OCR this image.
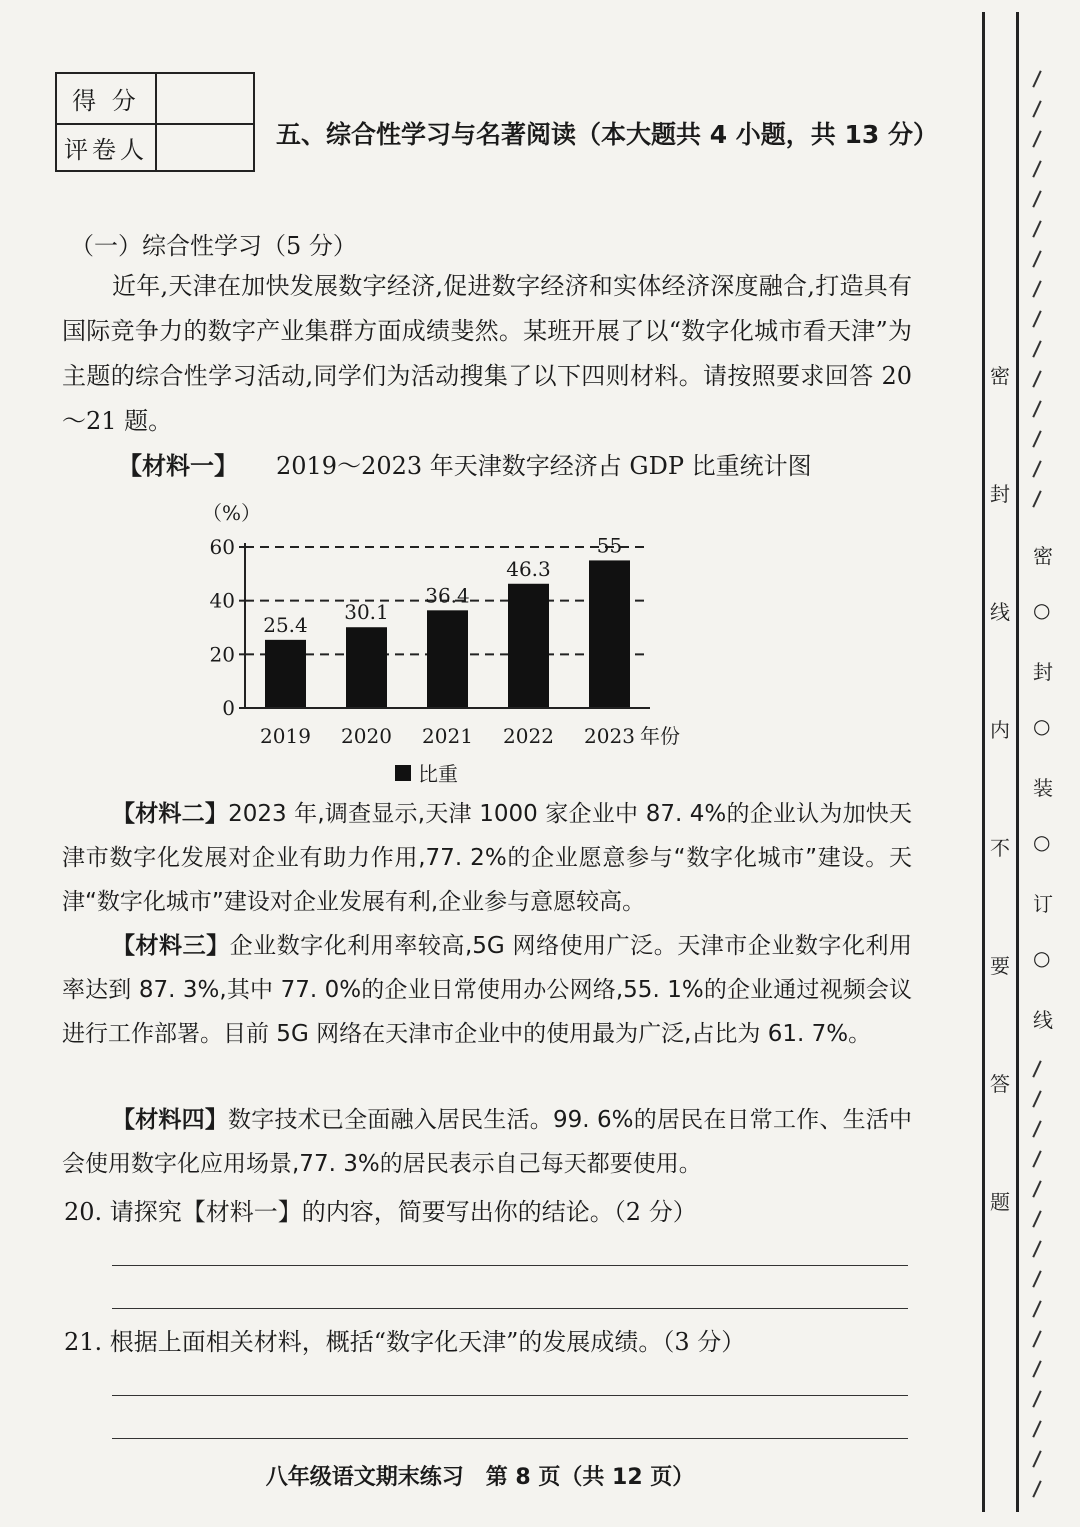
得 分
评卷人
五、综合性学习与名著阅读（本大题共 4 小题，共 13 分）
（一）综合性学习（5 分）
近年,天津在加快发展数字经济,促进数字经济和实体经济深度融合,打造具有国际竞争力的数字产业集群方面成绩斐然。某班开展了以“数字化城市看天津”为主题的综合性学习活动,同学们为活动搜集了以下四则材料。请按照要求回答 20～21 题。
【材料一】 2019～2023 年天津数字经济占 GDP 比重统计图
（%）
0
20
40
60
2019 2020 2021 2022 2023
25.4
30.1
36.4
46.3
55
年份
比重
【材料二】2023 年,调查显示,天津 1000 家企业中 87. 4%的企业认为加快天津市数字化发展对企业有助力作用,77. 2%的企业愿意参与“数字化城市”建设。天津“数字化城市”建设对企业发展有利,企业参与意愿较高。
【材料三】企业数字化利用率较高,5G 网络使用广泛。天津市企业数字化利用率达到 87. 3%,其中 77. 0%的企业日常使用办公网络,55. 1%的企业通过视频会议进行工作部署。目前 5G 网络在天津市企业中的使用最为广泛,占比为 61. 7%。
【材料四】数字技术已全面融入居民生活。99. 6%的居民在日常工作、生活中会使用数字化应用场景,77. 3%的居民表示自己每天都要使用。
20. 请探究【材料一】的内容，简要写出你的结论。（2 分）
21. 根据上面相关材料，概括“数字化天津”的发展成绩。（3 分）
八年级语文期末练习　第 8 页（共 12 页）
密
封
线
内
不
要
答
题
密
○
封
○
装
○
订
○
线
